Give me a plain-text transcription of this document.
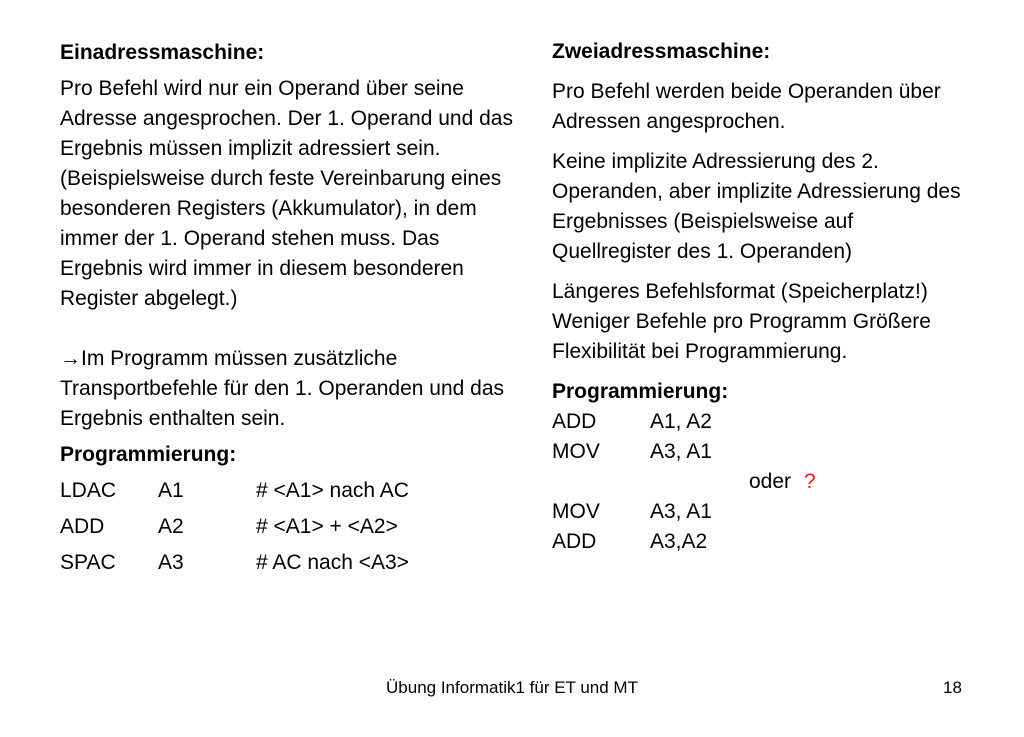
Einadressmaschine:

Pro Befehl wird nur ein Operand über seine Adresse angesprochen. Der 1. Operand und das Ergebnis müssen implizit adressiert sein. (Beispielsweise durch feste Vereinbarung eines besonderen Registers (Akkumulator), in dem immer der 1. Operand stehen muss. Das Ergebnis wird immer in diesem besonderen Register abgelegt.)

→Im Programm müssen zusätzliche Transportbefehle für den 1. Operanden und das Ergebnis enthalten sein.

Programmierung:
LDAC A1	# <A1> nach AC
ADD	A2	# <A1> + <A2>
SPAC A3	# AC nach <A3>
Zweiadressmaschine:

Pro Befehl werden beide Operanden über Adressen angesprochen.

Keine implizite Adressierung des 2. Operanden, aber implizite Adressierung des Ergebnisses (Beispielsweise auf Quellregister des 1. Operanden)

Längeres Befehlsformat (Speicherplatz!) Weniger Befehle pro Programm Größere Flexibilität bei Programmierung.

Programmierung:
ADD	A1, A2
MOV A3, A1
oder ?
MOV A3, A1
ADD	A3,A2
Übung Informatik1 für ET und MT	18
